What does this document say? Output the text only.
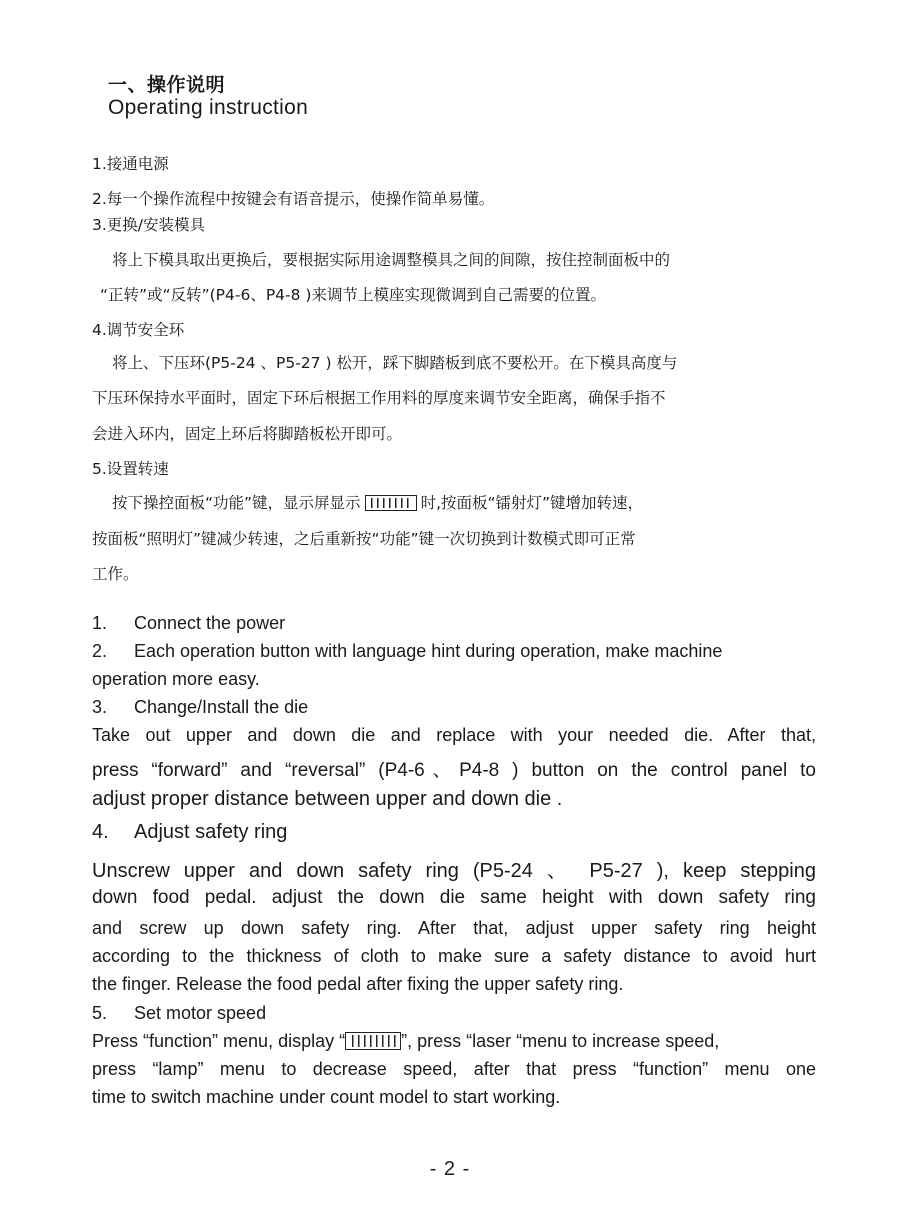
一、操作说明
Operating instruction
1.接通电源
2.每一个操作流程中按键会有语音提示，使操作简单易懂。
3.更换/安装模具
将上下模具取出更换后，要根据实际用途调整模具之间的间隙，按住控制面板中的
“正转”或“反转”(P4-6、P4-8 )来调节上模座实现微调到自己需要的位置。
4.调节安全环
将上、下压环(P5-24 、P5-27 ) 松开，踩下脚踏板到底不要松开。在下模具高度与
下压环保持水平面时，固定下环后根据工作用料的厚度来调节安全距离，确保手指不
会进入环内，固定上环后将脚踏板松开即可。
5.设置转速
按下操控面板“功能”键，显示屏显示	时,按面板“镭射灯”键增加转速，
按面板“照明灯”键减少转速，之后重新按“功能”键一次切换到计数模式即可正常
工作。
1. Connect the power
2. Each operation button with language hint during operation, make machine
operation more easy.
3. Change/Install the die
Take out upper and down die and replace with your needed die. After that,
press “forward” and “reversal” (P4-6、P4-8 ) button on the control panel to
adjust proper distance between upper and down die .
4. Adjust safety ring
Unscrew upper and down safety ring (P5-24 、 P5-27 ), keep stepping
down food pedal. adjust the down die same height with down safety ring
and screw up down safety ring. After that, adjust upper safety ring height
according to the thickness of cloth to make sure a safety distance to avoid hurt
the finger. Release the food pedal after fixing the upper safety ring.
5. Set motor speed
Press “function” menu, display “	”, press “laser “menu to increase speed,
press “lamp” menu to decrease speed, after that press “function” menu one
time to switch machine under count model to start working.
- 2 -
